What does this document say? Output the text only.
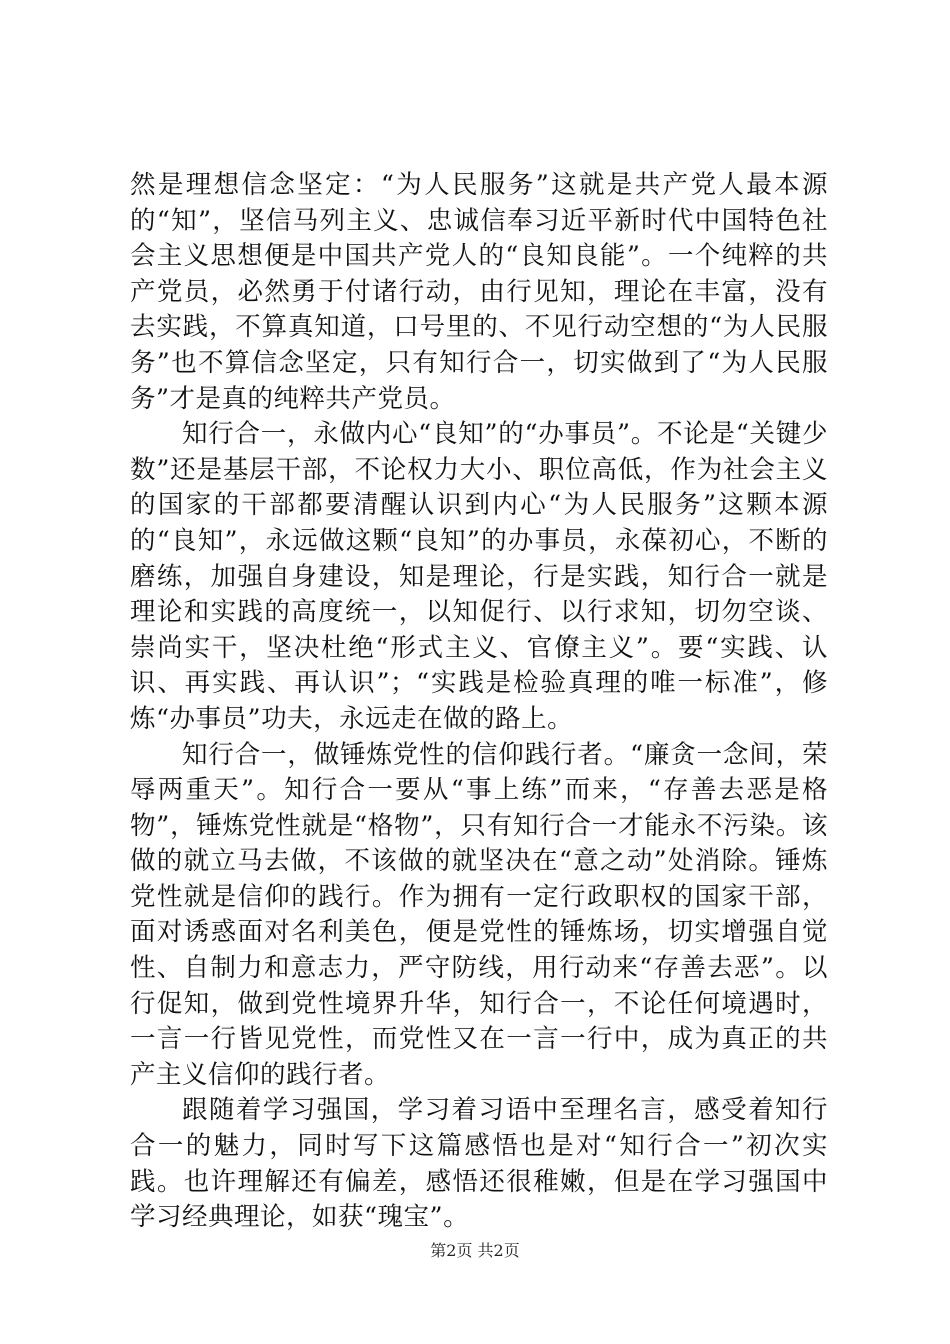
然是理想信念坚定：“为人民服务”这就是共产党人最本源的“知”，坚信马列主义、忠诚信奉习近平新时代中国特色社会主义思想便是中国共产党人的“良知良能”。一个纯粹的共产党员，必然勇于付诸行动，由行见知，理论在丰富，没有去实践，不算真知道，口号里的、不见行动空想的“为人民服务”也不算信念坚定，只有知行合一，切实做到了“为人民服务”才是真的纯粹共产党员。

知行合一，永做内心“良知”的“办事员”。不论是“关键少数”还是基层干部，不论权力大小、职位高低，作为社会主义的国家的干部都要清醒认识到内心“为人民服务”这颗本源的“良知”，永远做这颗“良知”的办事员，永葆初心，不断的磨练，加强自身建设，知是理论，行是实践，知行合一就是理论和实践的高度统一，以知促行、以行求知，切勿空谈、崇尚实干，坚决杜绝“形式主义、官僚主义”。要“实践、认识、再实践、再认识”；“实践是检验真理的唯一标准”，修炼“办事员”功夫，永远走在做的路上。

知行合一，做锤炼党性的信仰践行者。“廉贪一念间，荣辱两重天”。知行合一要从“事上练”而来，“存善去恶是格物”，锤炼党性就是“格物”，只有知行合一才能永不污染。该做的就立马去做，不该做的就坚决在“意之动”处消除。锤炼党性就是信仰的践行。作为拥有一定行政职权的国家干部，面对诱惑面对名利美色，便是党性的锤炼场，切实增强自觉性、自制力和意志力，严守防线，用行动来“存善去恶”。以行促知，做到党性境界升华，知行合一，不论任何境遇时，一言一行皆见党性，而党性又在一言一行中，成为真正的共产主义信仰的践行者。

跟随着学习强国，学习着习语中至理名言，感受着知行合一的魅力，同时写下这篇感悟也是对“知行合一”初次实践。也许理解还有偏差，感悟还很稚嫩，但是在学习强国中学习经典理论，如获“瑰宝”。

第2页 共2页
